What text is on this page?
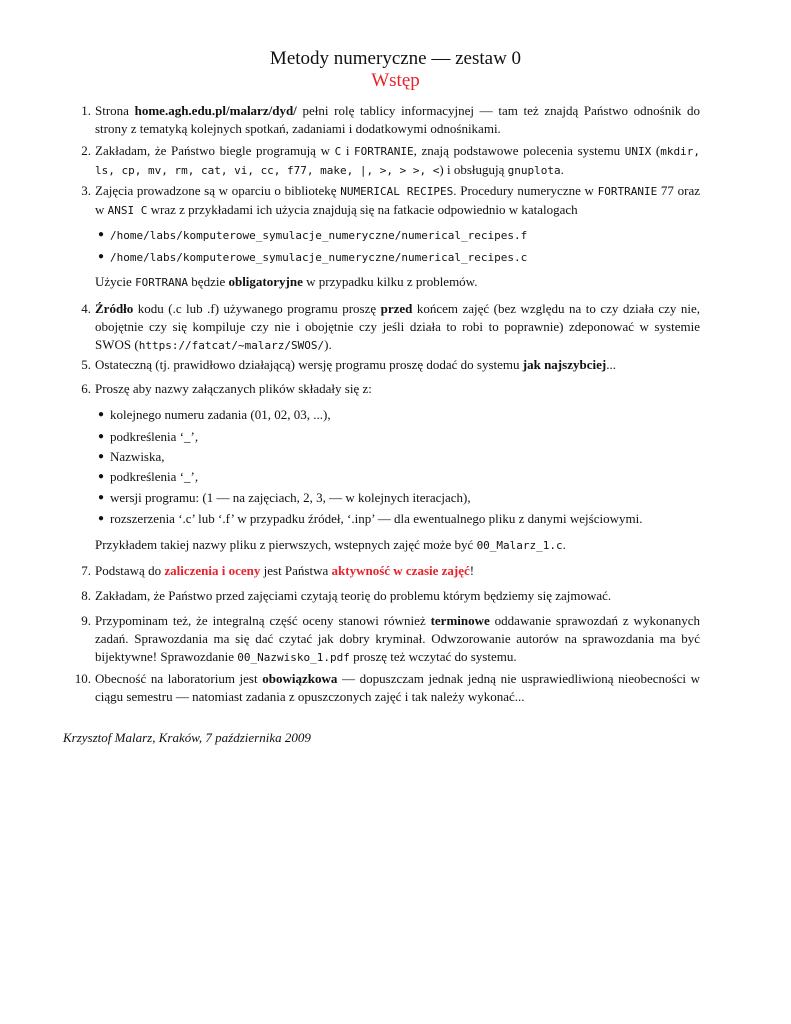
Metody numeryczne — zestaw 0
Wstęp
1. Strona home.agh.edu.pl/malarz/dyd/ pełni rolę tablicy informacyjnej — tam też znajdą Państwo odnośnik do strony z tematyką kolejnych spotkań, zadaniami i dodatkowymi odnośnikami.
2. Zakładam, że Państwo biegle programują w C i FORTRANIE, znają podstawowe polecenia systemu UNIX (mkdir, ls, cp, mv, rm, cat, vi, cc, f77, make, |, >, > >, <) i obsługują gnuplota.
3. Zajęcia prowadzone są w oparciu o bibliotekę NUMERICAL RECIPES. Procedury numeryczne w FORTRANIE 77 oraz w ANSI C wraz z przykładami ich użycia znajdują się na fatkacie odpowiednio w katalogach
● /home/labs/komputerowe_symulacje_numeryczne/numerical_recipes.f
● /home/labs/komputerowe_symulacje_numeryczne/numerical_recipes.c
Użycie FORTRANA będzie obligatoryjne w przypadku kilku z problemów.
4. Źródło kodu (.c lub .f) używanego programu proszę przed końcem zajęć (bez względu na to czy działa czy nie, obojętnie czy się kompiluje czy nie i obojętnie czy jeśli działa to robi to poprawnie) zdeponować w systemie SWOS (https://fatcat/~malarz/SWOS/).
5. Ostateczną (tj. prawidłowo działającą) wersję programu proszę dodać do systemu jak najszybciej...
6. Proszę aby nazwy załączanych plików składały się z:
● kolejnego numeru zadania (01, 02, 03, ...),
● podkreślenia ‘_’,
● Nazwiska,
● podkreślenia ‘_’,
● wersji programu: (1 — na zajęciach, 2, 3, — w kolejnych iteracjach),
● rozszerzenia ‘.c’ lub ‘.f’ w przypadku źródeł, ‘.inp’ — dla ewentualnego pliku z danymi wejściowymi.
Przykładem takiej nazwy pliku z pierwszych, wstepnych zajęć może być 00_Malarz_1.c.
7. Podstawą do zaliczenia i oceny jest Państwa aktywność w czasie zajęć!
8. Zakładam, że Państwo przed zajęciami czytają teorię do problemu którym będziemy się zajmować.
9. Przypominam też, że integralną część oceny stanowi również terminowe oddawanie sprawozdań z wykonanych zadań. Sprawozdania ma się dać czytać jak dobry kryminał. Odwzorowanie autorów na sprawozdania ma być bijektywne! Sprawozdanie 00_Nazwisko_1.pdf proszę też wczytać do systemu.
10. Obecność na laboratorium jest obowiązkowa — dopuszczam jednak jedną nie usprawiedliwioną nieobecności w ciągu semestru — natomiast zadania z opuszczonych zajęć i tak należy wykonać...
Krzysztof Malarz, Kraków, 7 października 2009
